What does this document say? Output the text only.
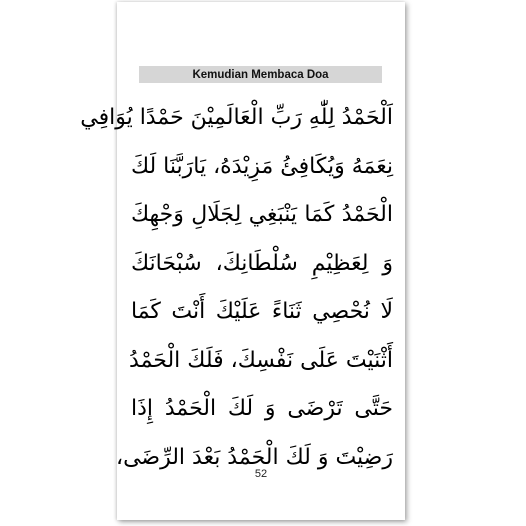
Kemudian Membaca Doa
اَلْحَمْدُ لِلّٰهِ رَبِّ الْعَالَمِيْنَ حَمْدًا يُوَافِي
نِعَمَهُ وَيُكَافِئُ مَزِيْدَهُ، يَارَبَّنَا لَكَ
الْحَمْدُ كَمَا يَنْبَغِي لِجَلَالِ وَجْهِكَ
وَ لِعَظِيْمِ سُلْطَانِكَ، سُبْحَانَكَ
لَا نُحْصِي ثَنَاءً عَلَيْكَ أَنْتَ كَمَا
أَثْنَيْتَ عَلَى نَفْسِكَ، فَلَكَ الْحَمْدُ
حَتَّى تَرْضَى وَ لَكَ الْحَمْدُ إِذَا
رَضِيْتَ وَ لَكَ الْحَمْدُ بَعْدَ الرِّضَى،
52
